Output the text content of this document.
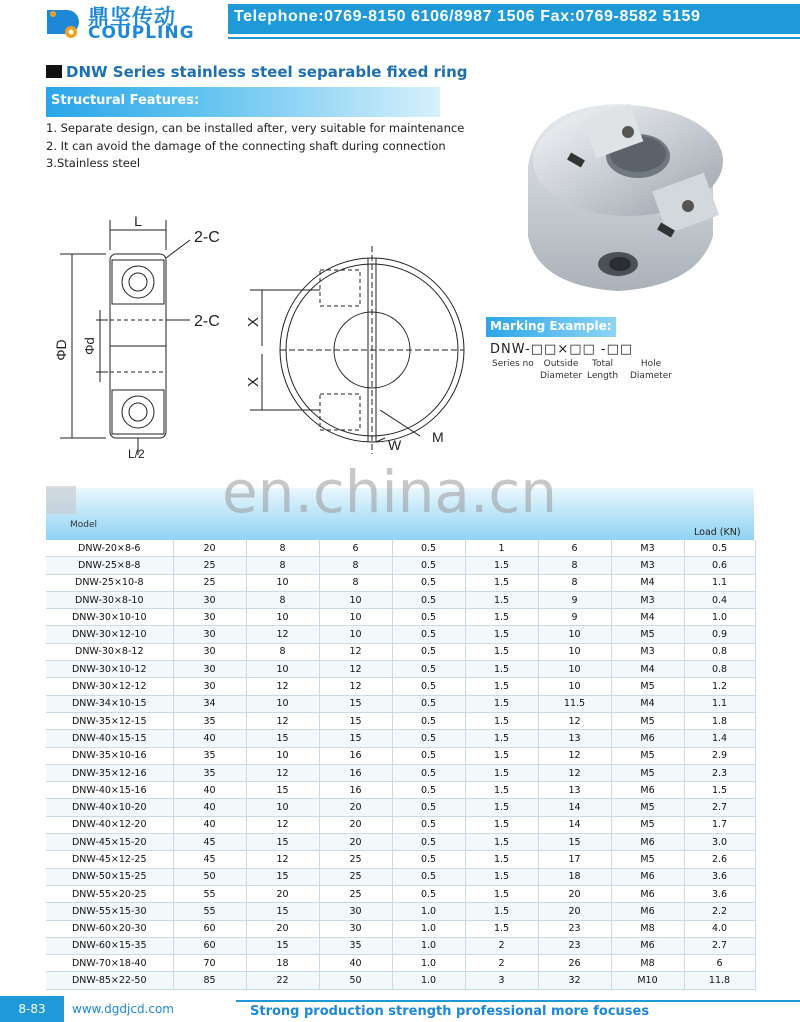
鼎坚传动
COUPLING
Telephone:0769-8150 6106/8987 1506 Fax:0769-8582 5159
DNW Series stainless steel separable fixed ring
Structural Features:
1. Separate design, can be installed after, very suitable for maintenance
2. It can avoid the damage of the connecting shaft during connection
3.Stainless steel
Marking Example:
DNW-□□×□□ -□□
Series no	Outside
Diameter
Total
Length
Hole
Diameter
L
2-C
2-C
ΦD Φd
L/2
X
X
W M
Model
Load (KN)
en.china.cn
DNW-20×8-6	20	8	6	0.5	1	6	M3	0.5
DNW-25×8-8	25	8	8	0.5	1.5	8	M3	0.6
DNW-25×10-8	25	10	8	0.5	1.5	8	M4	1.1
DNW-30×8-10	30	8	10	0.5	1.5	9	M3	0.4
DNW-30×10-10	30	10	10	0.5	1.5	9	M4	1.0
DNW-30×12-10	30	12	10	0.5	1.5	10	M5	0.9
DNW-30×8-12	30	8	12	0.5	1.5	10	M3	0.8
DNW-30×10-12	30	10	12	0.5	1.5	10	M4	0.8
DNW-30×12-12	30	12	12	0.5	1.5	10	M5	1.2
DNW-34×10-15	34	10	15	0.5	1.5	11.5	M4	1.1
DNW-35×12-15	35	12	15	0.5	1.5	12	M5	1.8
DNW-40×15-15	40	15	15	0.5	1.5	13	M6	1.4
DNW-35×10-16	35	10	16	0.5	1.5	12	M5	2.9
DNW-35×12-16	35	12	16	0.5	1.5	12	M5	2.3
DNW-40×15-16	40	15	16	0.5	1.5	13	M6	1.5
DNW-40×10-20	40	10	20	0.5	1.5	14	M5	2.7
DNW-40×12-20	40	12	20	0.5	1.5	14	M5	1.7
DNW-45×15-20	45	15	20	0.5	1.5	15	M6	3.0
DNW-45×12-25	45	12	25	0.5	1.5	17	M5	2.6
DNW-50×15-25	50	15	25	0.5	1.5	18	M6	3.6
DNW-55×20-25	55	20	25	0.5	1.5	20	M6	3.6
DNW-55×15-30	55	15	30	1.0	1.5	20	M6	2.2
DNW-60×20-30	60	20	30	1.0	1.5	23	M8	4.0
DNW-60×15-35	60	15	35	1.0	2	23	M6	2.7
DNW-70×18-40	70	18	40	1.0	2	26	M8	6
DNW-85×22-50	85	22	50	1.0	3	32	M10	11.8
8-83	www.dgdjcd.com	Strong production strength professional more focuses
